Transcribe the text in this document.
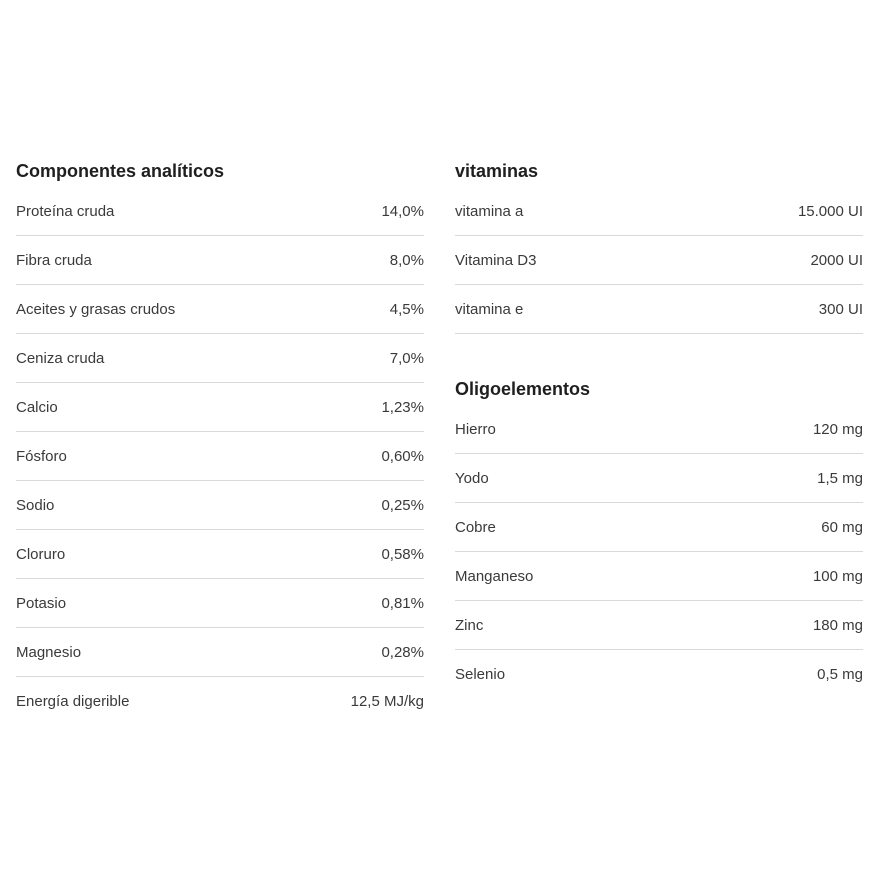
Componentes analíticos
Proteína cruda	14,0%
Fibra cruda	8,0%
Aceites y grasas crudos	4,5%
Ceniza cruda	7,0%
Calcio	1,23%
Fósforo	0,60%
Sodio	0,25%
Cloruro	0,58%
Potasio	0,81%
Magnesio	0,28%
Energía digerible	12,5 MJ/kg
vitaminas
vitamina a	15.000 UI
Vitamina D3	2000 UI
vitamina e	300 UI
Oligoelementos
Hierro	120 mg
Yodo	1,5 mg
Cobre	60 mg
Manganeso	100 mg
Zinc	180 mg
Selenio	0,5 mg
